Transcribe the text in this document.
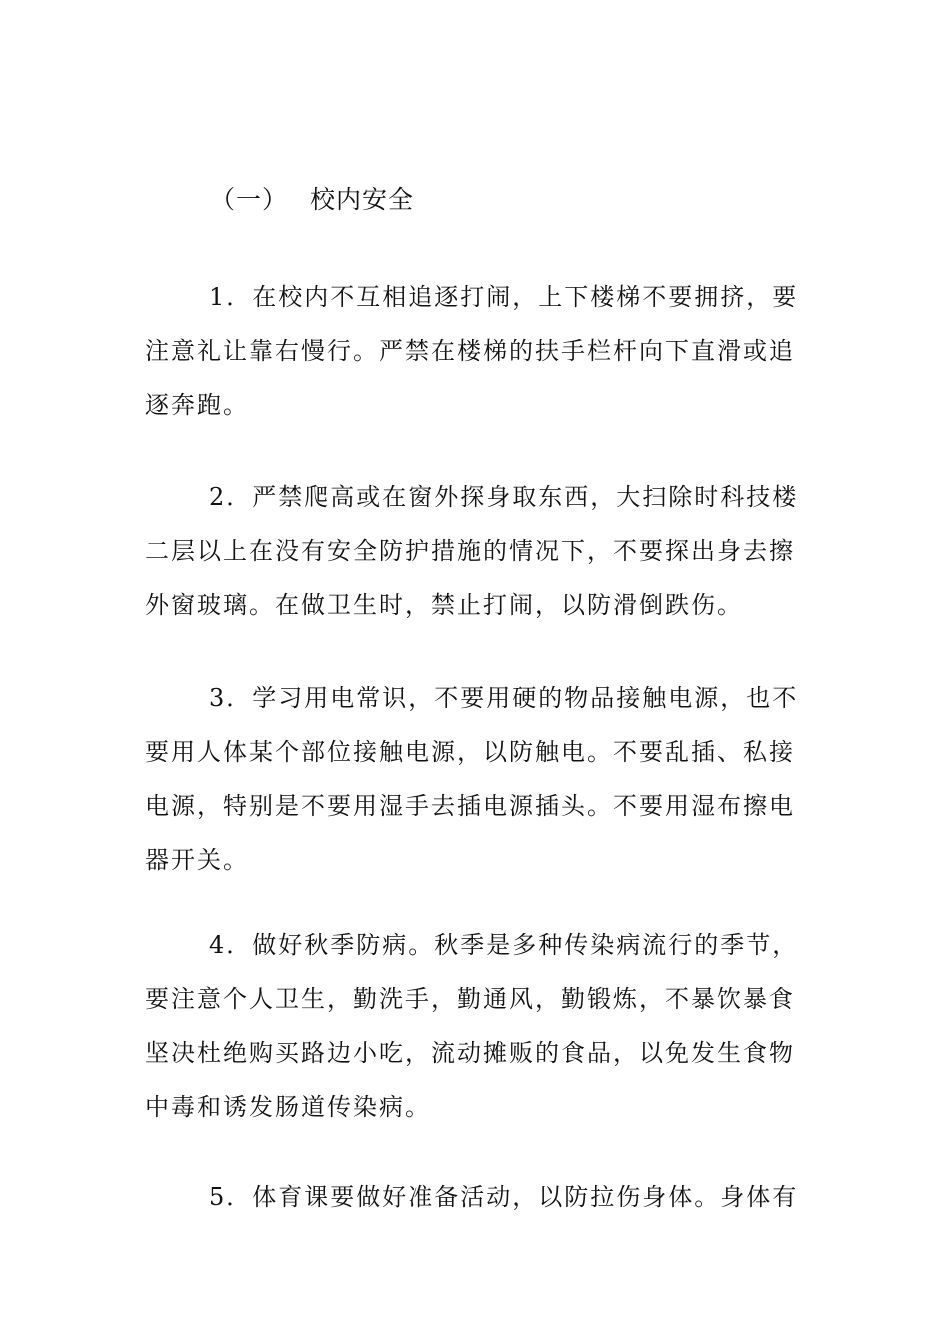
（一） 校内安全
1．在校内不互相追逐打闹，上下楼梯不要拥挤，要
注意礼让靠右慢行。严禁在楼梯的扶手栏杆向下直滑或追
逐奔跑。
2．严禁爬高或在窗外探身取东西，大扫除时科技楼
二层以上在没有安全防护措施的情况下，不要探出身去擦
外窗玻璃。在做卫生时，禁止打闹，以防滑倒跌伤。
3．学习用电常识，不要用硬的物品接触电源，也不
要用人体某个部位接触电源，以防触电。不要乱插、私接
电源，特别是不要用湿手去插电源插头。不要用湿布擦电
器开关。
4．做好秋季防病。秋季是多种传染病流行的季节，
要注意个人卫生，勤洗手，勤通风，勤锻炼，不暴饮暴食
坚决杜绝购买路边小吃，流动摊贩的食品，以免发生食物
中毒和诱发肠道传染病。
5．体育课要做好准备活动，以防拉伤身体。身体有
